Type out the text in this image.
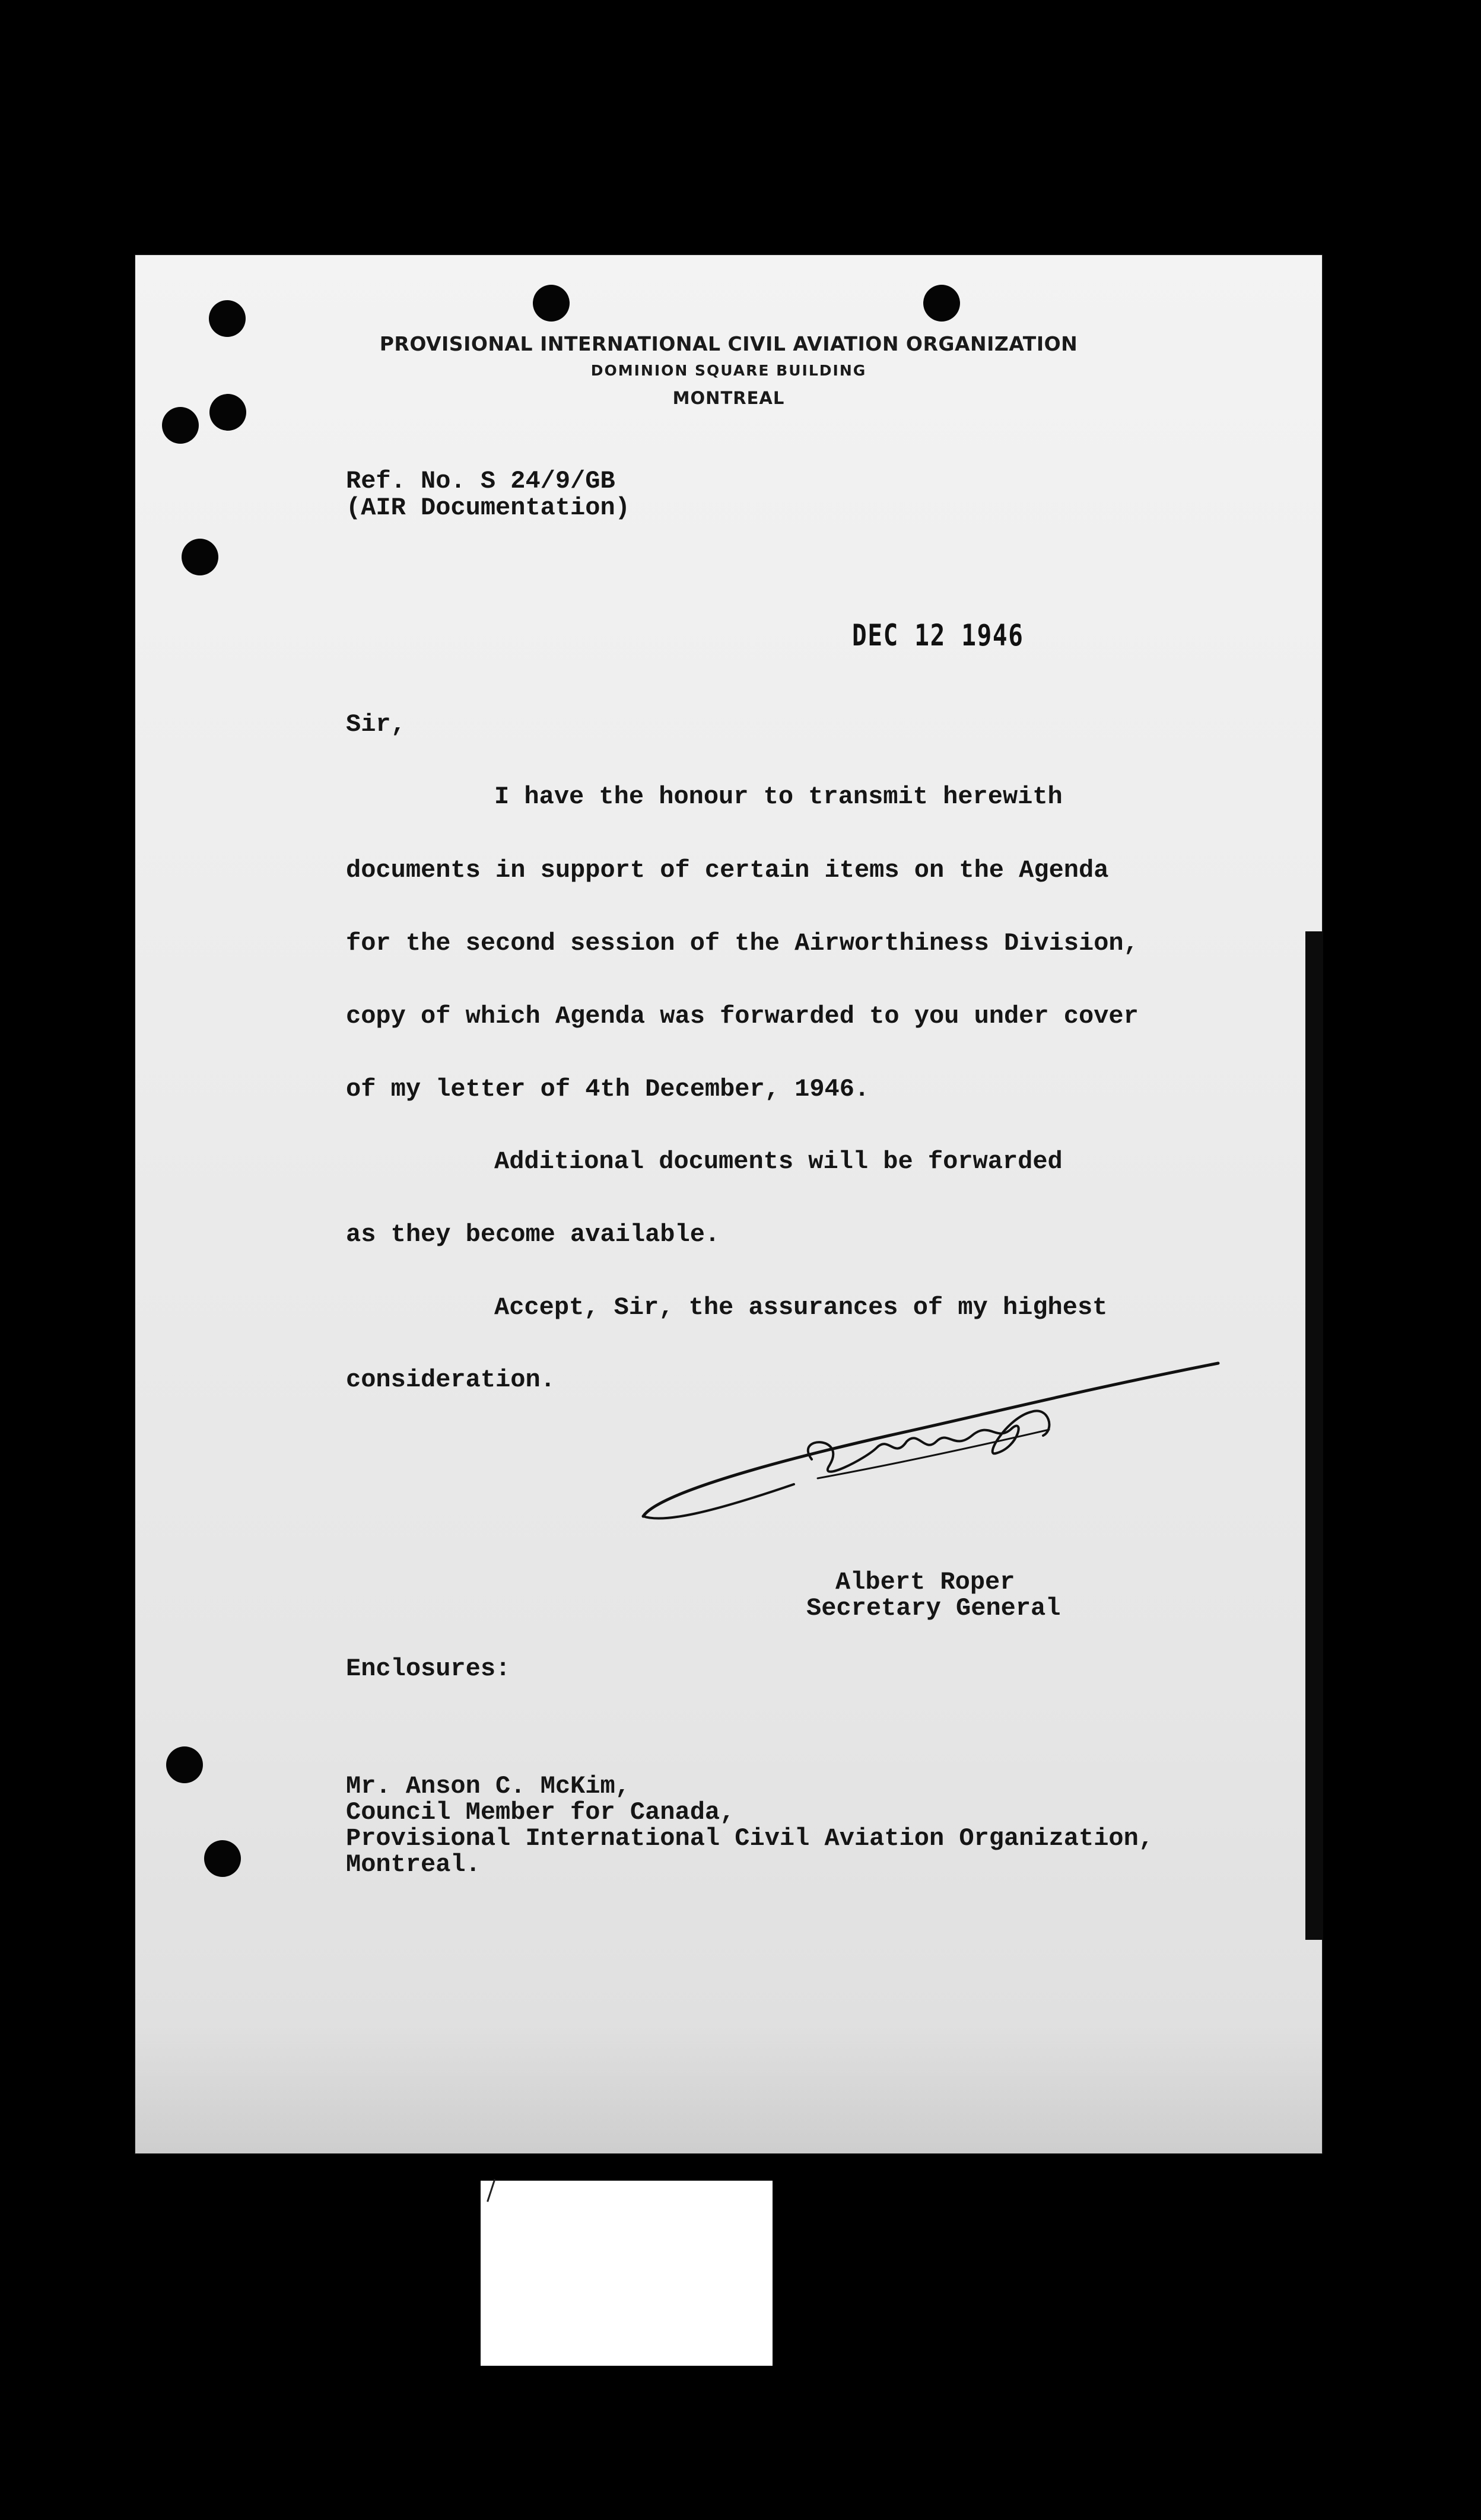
PROVISIONAL INTERNATIONAL CIVIL AVIATION ORGANIZATION
DOMINION SQUARE BUILDING
MONTREAL
Ref. No. S 24/9/GB
(AIR Documentation)
DEC 12 1946
Sir,
I have the honour to transmit herewith
documents in support of certain items on the Agenda
for the second session of the Airworthiness Division,
copy of which Agenda was forwarded to you under cover
of my letter of 4th December, 1946.
Additional documents will be forwarded
as they become available.
Accept, Sir, the assurances of my highest
consideration.
Albert Roper
Secretary General
Enclosures:
Mr. Anson C. McKim,
Council Member for Canada,
Provisional International Civil Aviation Organization,
Montreal.
